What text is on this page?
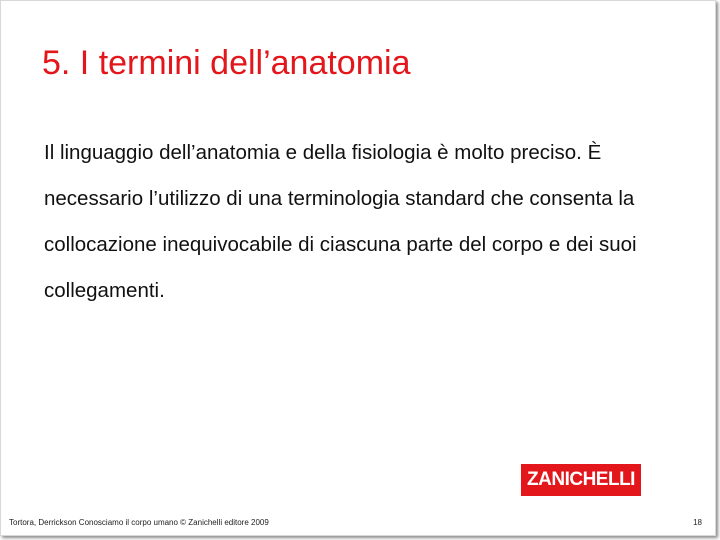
5. I termini dell’anatomia

Il linguaggio dell’anatomia e della fisiologia è molto preciso. È necessario l’utilizzo di una terminologia standard che consenta la collocazione inequivocabile di ciascuna parte del corpo e dei suoi collegamenti.

ZANICHELLI
Tortora, Derrickson Conosciamo il corpo umano © Zanichelli editore 2009	18
